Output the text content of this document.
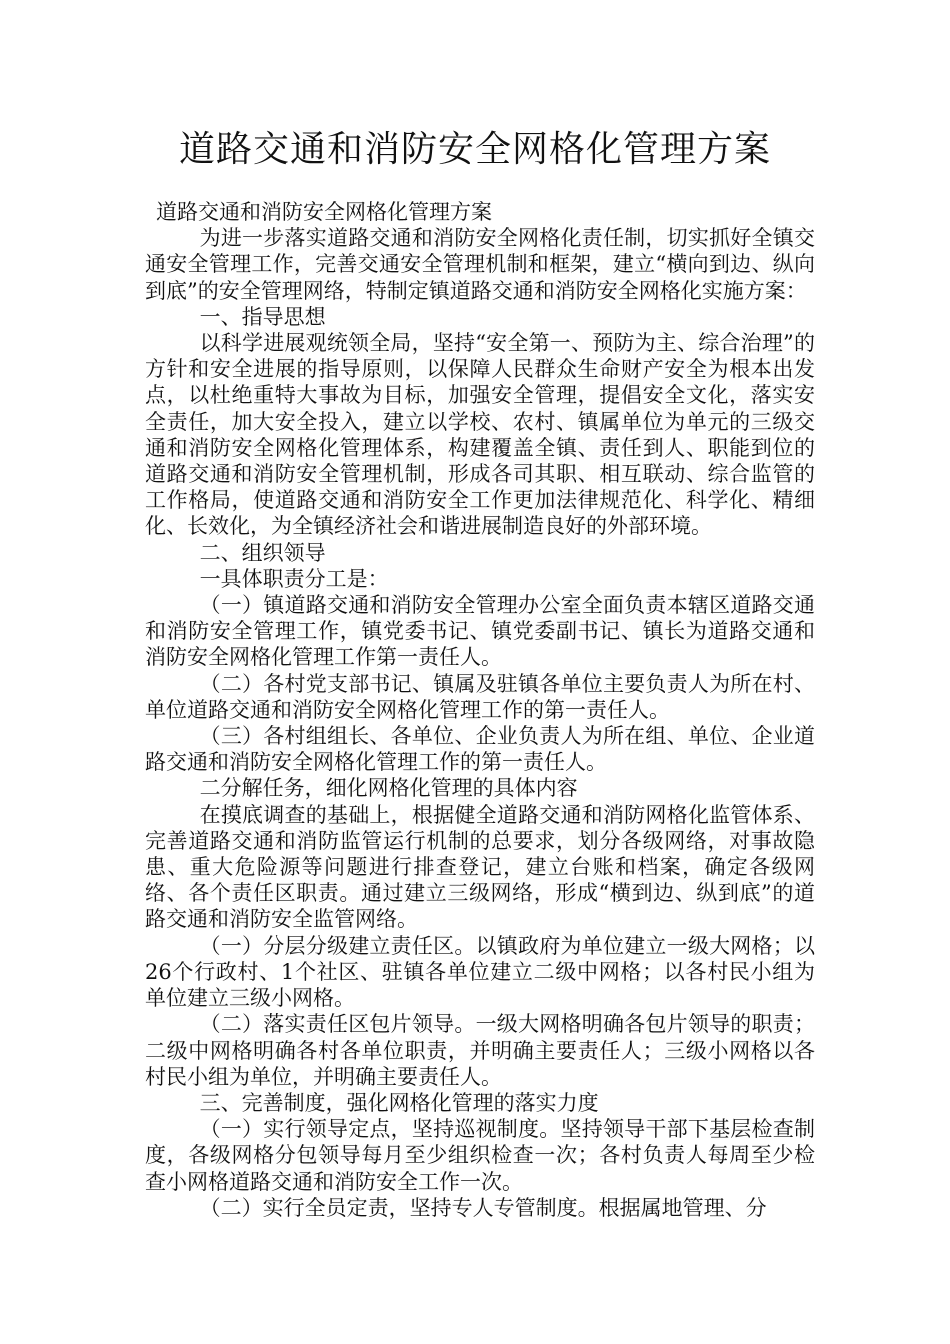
道路交通和消防安全网格化管理方案

道路交通和消防安全网格化管理方案

为进一步落实道路交通和消防安全网格化责任制，切实抓好全镇交通安全管理工作，完善交通安全管理机制和框架，建立“横向到边、纵向到底”的安全管理网络，特制定镇道路交通和消防安全网格化实施方案：

一、指导思想

以科学进展观统领全局，坚持“安全第一、预防为主、综合治理”的方针和安全进展的指导原则，以保障人民群众生命财产安全为根本出发点，以杜绝重特大事故为目标，加强安全管理，提倡安全文化，落实安全责任，加大安全投入，建立以学校、农村、镇属单位为单元的三级交通和消防安全网格化管理体系，构建覆盖全镇、责任到人、职能到位的道路交通和消防安全管理机制，形成各司其职、相互联动、综合监管的工作格局，使道路交通和消防安全工作更加法律规范化、科学化、精细化、长效化，为全镇经济社会和谐进展制造良好的外部环境。

二、组织领导

一具体职责分工是：

（一）镇道路交通和消防安全管理办公室全面负责本辖区道路交通和消防安全管理工作，镇党委书记、镇党委副书记、镇长为道路交通和消防安全网格化管理工作第一责任人。

（二）各村党支部书记、镇属及驻镇各单位主要负责人为所在村、单位道路交通和消防安全网格化管理工作的第一责任人。

（三）各村组组长、各单位、企业负责人为所在组、单位、企业道路交通和消防安全网格化管理工作的第一责任人。

二分解任务，细化网格化管理的具体内容

在摸底调查的基础上，根据健全道路交通和消防网格化监管体系、完善道路交通和消防监管运行机制的总要求，划分各级网络，对事故隐患、重大危险源等问题进行排查登记，建立台账和档案，确定各级网络、各个责任区职责。通过建立三级网络，形成“横到边、纵到底”的道路交通和消防安全监管网络。

（一）分层分级建立责任区。以镇政府为单位建立一级大网格；以26个行政村、1个社区、驻镇各单位建立二级中网格；以各村民小组为单位建立三级小网格。

（二）落实责任区包片领导。一级大网格明确各包片领导的职责；二级中网格明确各村各单位职责，并明确主要责任人；三级小网格以各村民小组为单位，并明确主要责任人。

三、完善制度，强化网格化管理的落实力度

（一）实行领导定点，坚持巡视制度。坚持领导干部下基层检查制度，各级网格分包领导每月至少组织检查一次；各村负责人每周至少检查小网格道路交通和消防安全工作一次。

（二）实行全员定责，坚持专人专管制度。根据属地管理、分
